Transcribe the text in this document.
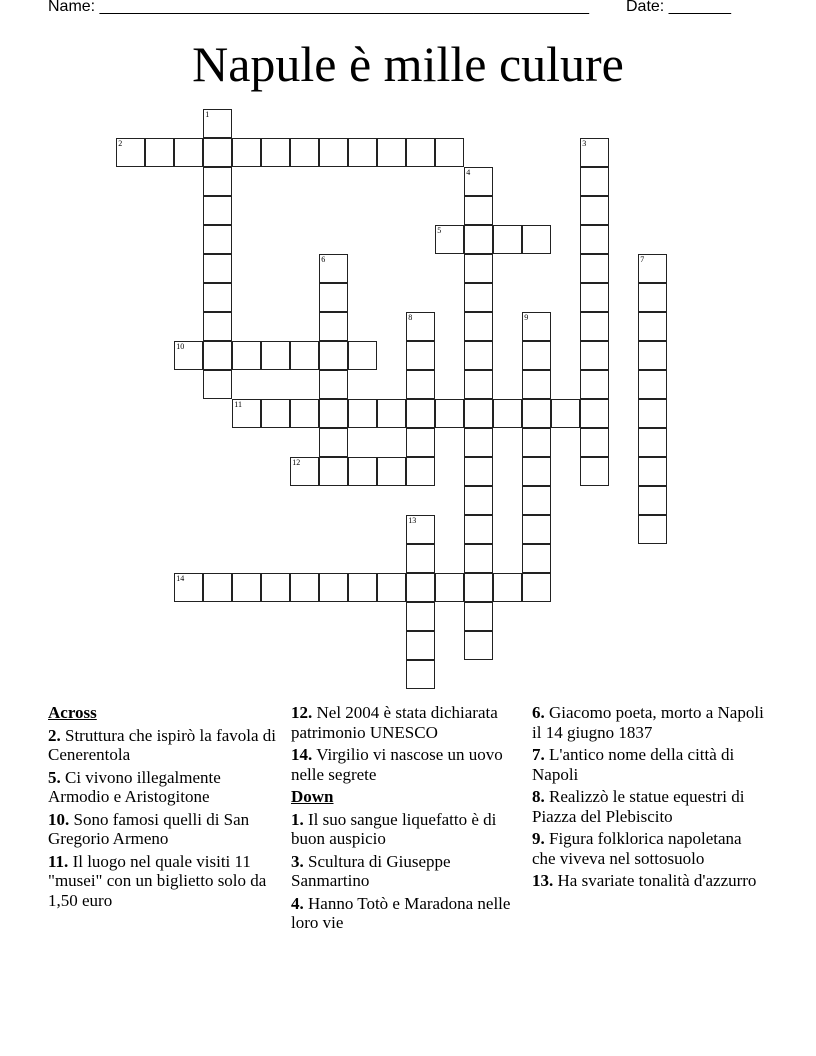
Name: _______________________________________________________ Date: _______
Napule è mille culure
1
2	3
4
5
6	7
8	9
10
11
12
13
14
Across
2. Struttura che ispirò la favola di Cenerentola
5. Ci vivono illegalmente Armodio e Aristogitone
10. Sono famosi quelli di San Gregorio Armeno
11. Il luogo nel quale visiti 11 "musei" con un biglietto solo da 1,50 euro
12. Nel 2004 è stata dichiarata patrimonio UNESCO
14. Virgilio vi nascose un uovo nelle segrete
Down
1. Il suo sangue liquefatto è di buon auspicio
3. Scultura di Giuseppe Sanmartino
4. Hanno Totò e Maradona nelle loro vie
6. Giacomo poeta, morto a Napoli il 14 giugno 1837
7. L'antico nome della città di Napoli
8. Realizzò le statue equestri di Piazza del Plebiscito
9. Figura folklorica napoletana che viveva nel sottosuolo
13. Ha svariate tonalità d'azzurro
